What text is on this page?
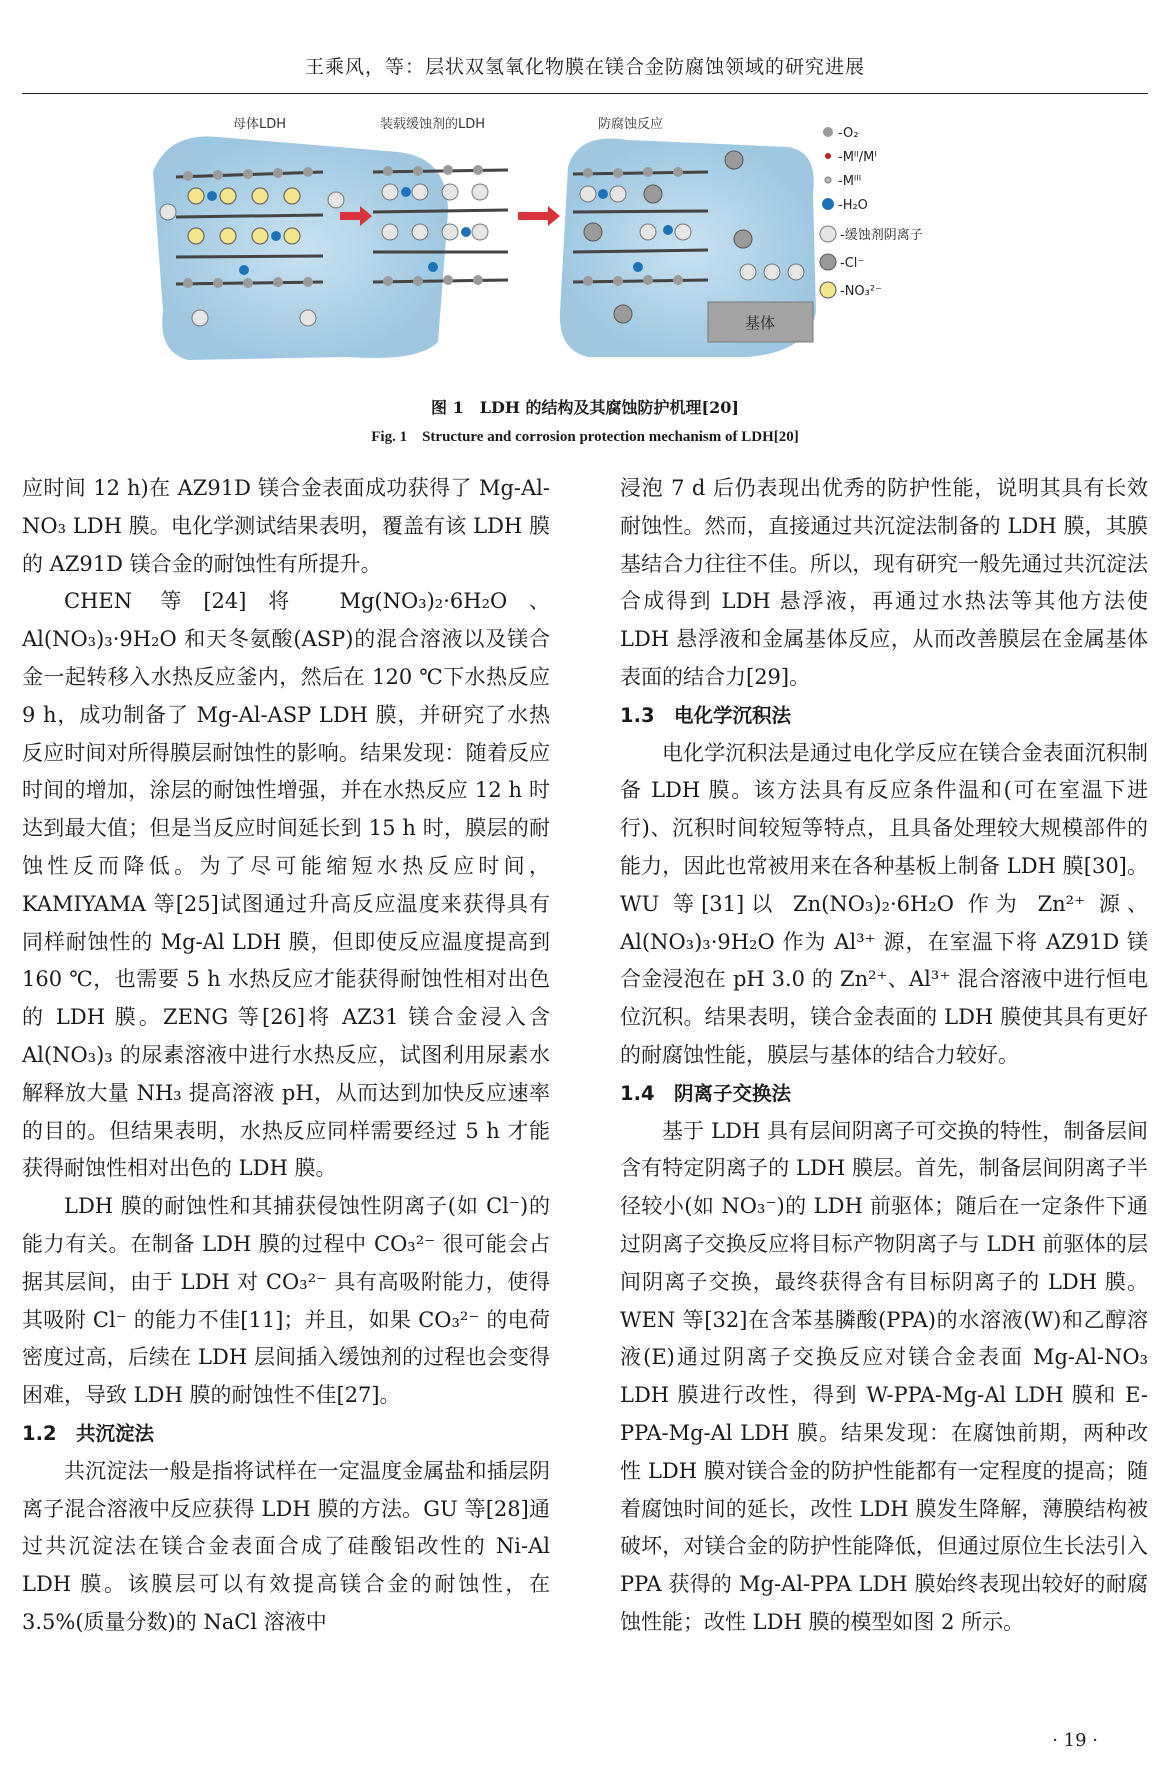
王乘风，等：层状双氢氧化物膜在镁合金防腐蚀领域的研究进展
基体
母体LDH	装载缓蚀剂的LDH	防腐蚀反应
-O₂
-Mᴵᴵ/Mᴵ
-Mᴵᴵᴵ
-H₂O
-缓蚀剂阴离子
-Cl⁻
-NO₃²⁻
图 1　LDH 的结构及其腐蚀防护机理[20]
Fig. 1　Structure and corrosion protection mechanism of LDH[20]

应时间 12 h)在 AZ91D 镁合金表面成功获得了 Mg-Al-NO₃ LDH 膜。电化学测试结果表明，覆盖有该 LDH 膜的 AZ91D 镁合金的耐蚀性有所提升。

CHEN 等[24]将 Mg(NO₃)₂·6H₂O、Al(NO₃)₃·9H₂O 和天冬氨酸(ASP)的混合溶液以及镁合金一起转移入水热反应釜内，然后在 120 ℃下水热反应 9 h，成功制备了 Mg-Al-ASP LDH 膜，并研究了水热反应时间对所得膜层耐蚀性的影响。结果发现：随着反应时间的增加，涂层的耐蚀性增强，并在水热反应 12 h 时达到最大值；但是当反应时间延长到 15 h 时，膜层的耐蚀性反而降低。为了尽可能缩短水热反应时间，KAMIYAMA 等[25]试图通过升高反应温度来获得具有同样耐蚀性的 Mg-Al LDH 膜，但即使反应温度提高到 160 ℃，也需要 5 h 水热反应才能获得耐蚀性相对出色的 LDH 膜。ZENG 等[26]将 AZ31 镁合金浸入含 Al(NO₃)₃ 的尿素溶液中进行水热反应，试图利用尿素水解释放大量 NH₃ 提高溶液 pH，从而达到加快反应速率的目的。但结果表明，水热反应同样需要经过 5 h 才能获得耐蚀性相对出色的 LDH 膜。

LDH 膜的耐蚀性和其捕获侵蚀性阴离子(如 Cl⁻)的能力有关。在制备 LDH 膜的过程中 CO₃²⁻ 很可能会占据其层间，由于 LDH 对 CO₃²⁻ 具有高吸附能力，使得其吸附 Cl⁻ 的能力不佳[11]；并且，如果 CO₃²⁻ 的电荷密度过高，后续在 LDH 层间插入缓蚀剂的过程也会变得困难，导致 LDH 膜的耐蚀性不佳[27]。

1.2　共沉淀法

共沉淀法一般是指将试样在一定温度金属盐和插层阴离子混合溶液中反应获得 LDH 膜的方法。GU 等[28]通过共沉淀法在镁合金表面合成了硅酸铝改性的 Ni-Al LDH 膜。该膜层可以有效提高镁合金的耐蚀性，在 3.5%(质量分数)的 NaCl 溶液中

浸泡 7 d 后仍表现出优秀的防护性能，说明其具有长效耐蚀性。然而，直接通过共沉淀法制备的 LDH 膜，其膜基结合力往往不佳。所以，现有研究一般先通过共沉淀法合成得到 LDH 悬浮液，再通过水热法等其他方法使 LDH 悬浮液和金属基体反应，从而改善膜层在金属基体表面的结合力[29]。

1.3　电化学沉积法

电化学沉积法是通过电化学反应在镁合金表面沉积制备 LDH 膜。该方法具有反应条件温和(可在室温下进行)、沉积时间较短等特点，且具备处理较大规模部件的能力，因此也常被用来在各种基板上制备 LDH 膜[30]。WU 等[31]以 Zn(NO₃)₂·6H₂O 作为 Zn²⁺ 源、Al(NO₃)₃·9H₂O 作为 Al³⁺ 源，在室温下将 AZ91D 镁合金浸泡在 pH 3.0 的 Zn²⁺、Al³⁺ 混合溶液中进行恒电位沉积。结果表明，镁合金表面的 LDH 膜使其具有更好的耐腐蚀性能，膜层与基体的结合力较好。

1.4　阴离子交换法

基于 LDH 具有层间阴离子可交换的特性，制备层间含有特定阴离子的 LDH 膜层。首先，制备层间阴离子半径较小(如 NO₃⁻)的 LDH 前驱体；随后在一定条件下通过阴离子交换反应将目标产物阴离子与 LDH 前驱体的层间阴离子交换，最终获得含有目标阴离子的 LDH 膜。WEN 等[32]在含苯基膦酸(PPA)的水溶液(W)和乙醇溶液(E)通过阴离子交换反应对镁合金表面 Mg-Al-NO₃ LDH 膜进行改性，得到 W-PPA-Mg-Al LDH 膜和 E-PPA-Mg-Al LDH 膜。结果发现：在腐蚀前期，两种改性 LDH 膜对镁合金的防护性能都有一定程度的提高；随着腐蚀时间的延长，改性 LDH 膜发生降解，薄膜结构被破坏，对镁合金的防护性能降低，但通过原位生长法引入 PPA 获得的 Mg-Al-PPA LDH 膜始终表现出较好的耐腐蚀性能；改性 LDH 膜的模型如图 2 所示。

· 19 ·
